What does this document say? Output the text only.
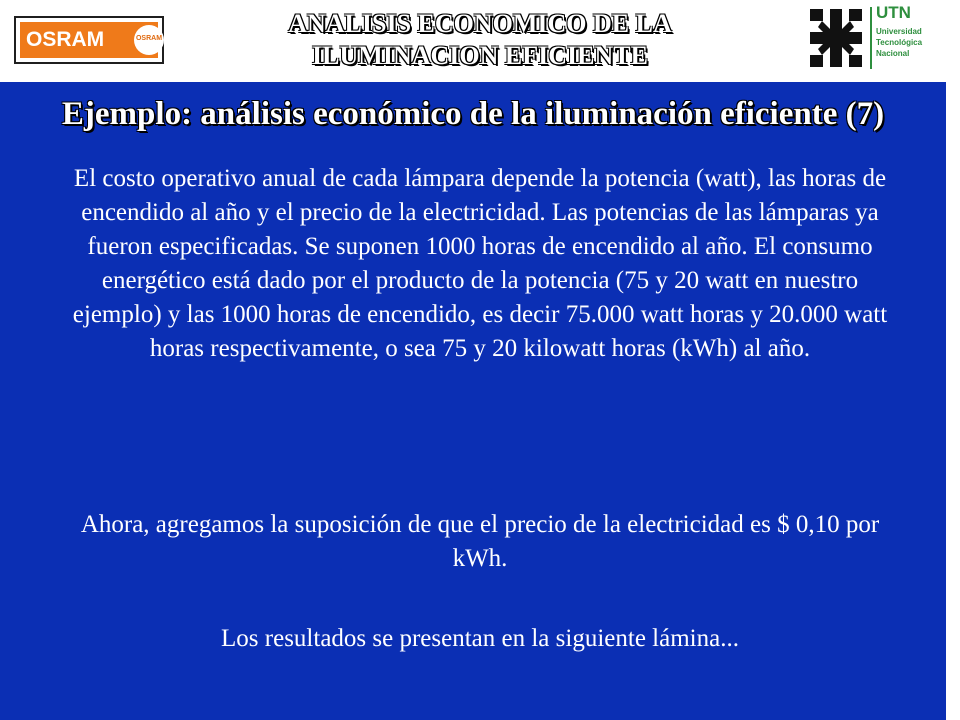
OSRAM	OSRAM
ANALISIS ECONOMICO DE LA
ILUMINACION EFICIENTE
UTN
Universidad
Tecnológica
Nacional
Ejemplo: análisis económico de la iluminación eficiente (7)
El costo operativo anual de cada lámpara depende la potencia (watt), las horas de encendido al año y el precio de la electricidad. Las potencias de las lámparas ya fueron especificadas. Se suponen 1000 horas de encendido al año. El consumo energético está dado por el producto de la potencia (75 y 20 watt en nuestro ejemplo) y las 1000 horas de encendido, es decir 75.000 watt horas y 20.000 watt horas respectivamente, o sea 75 y 20 kilowatt horas (kWh) al año.
Ahora, agregamos la suposición de que el precio de la electricidad es $ 0,10 por kWh.
Los resultados se presentan en la siguiente lámina...
